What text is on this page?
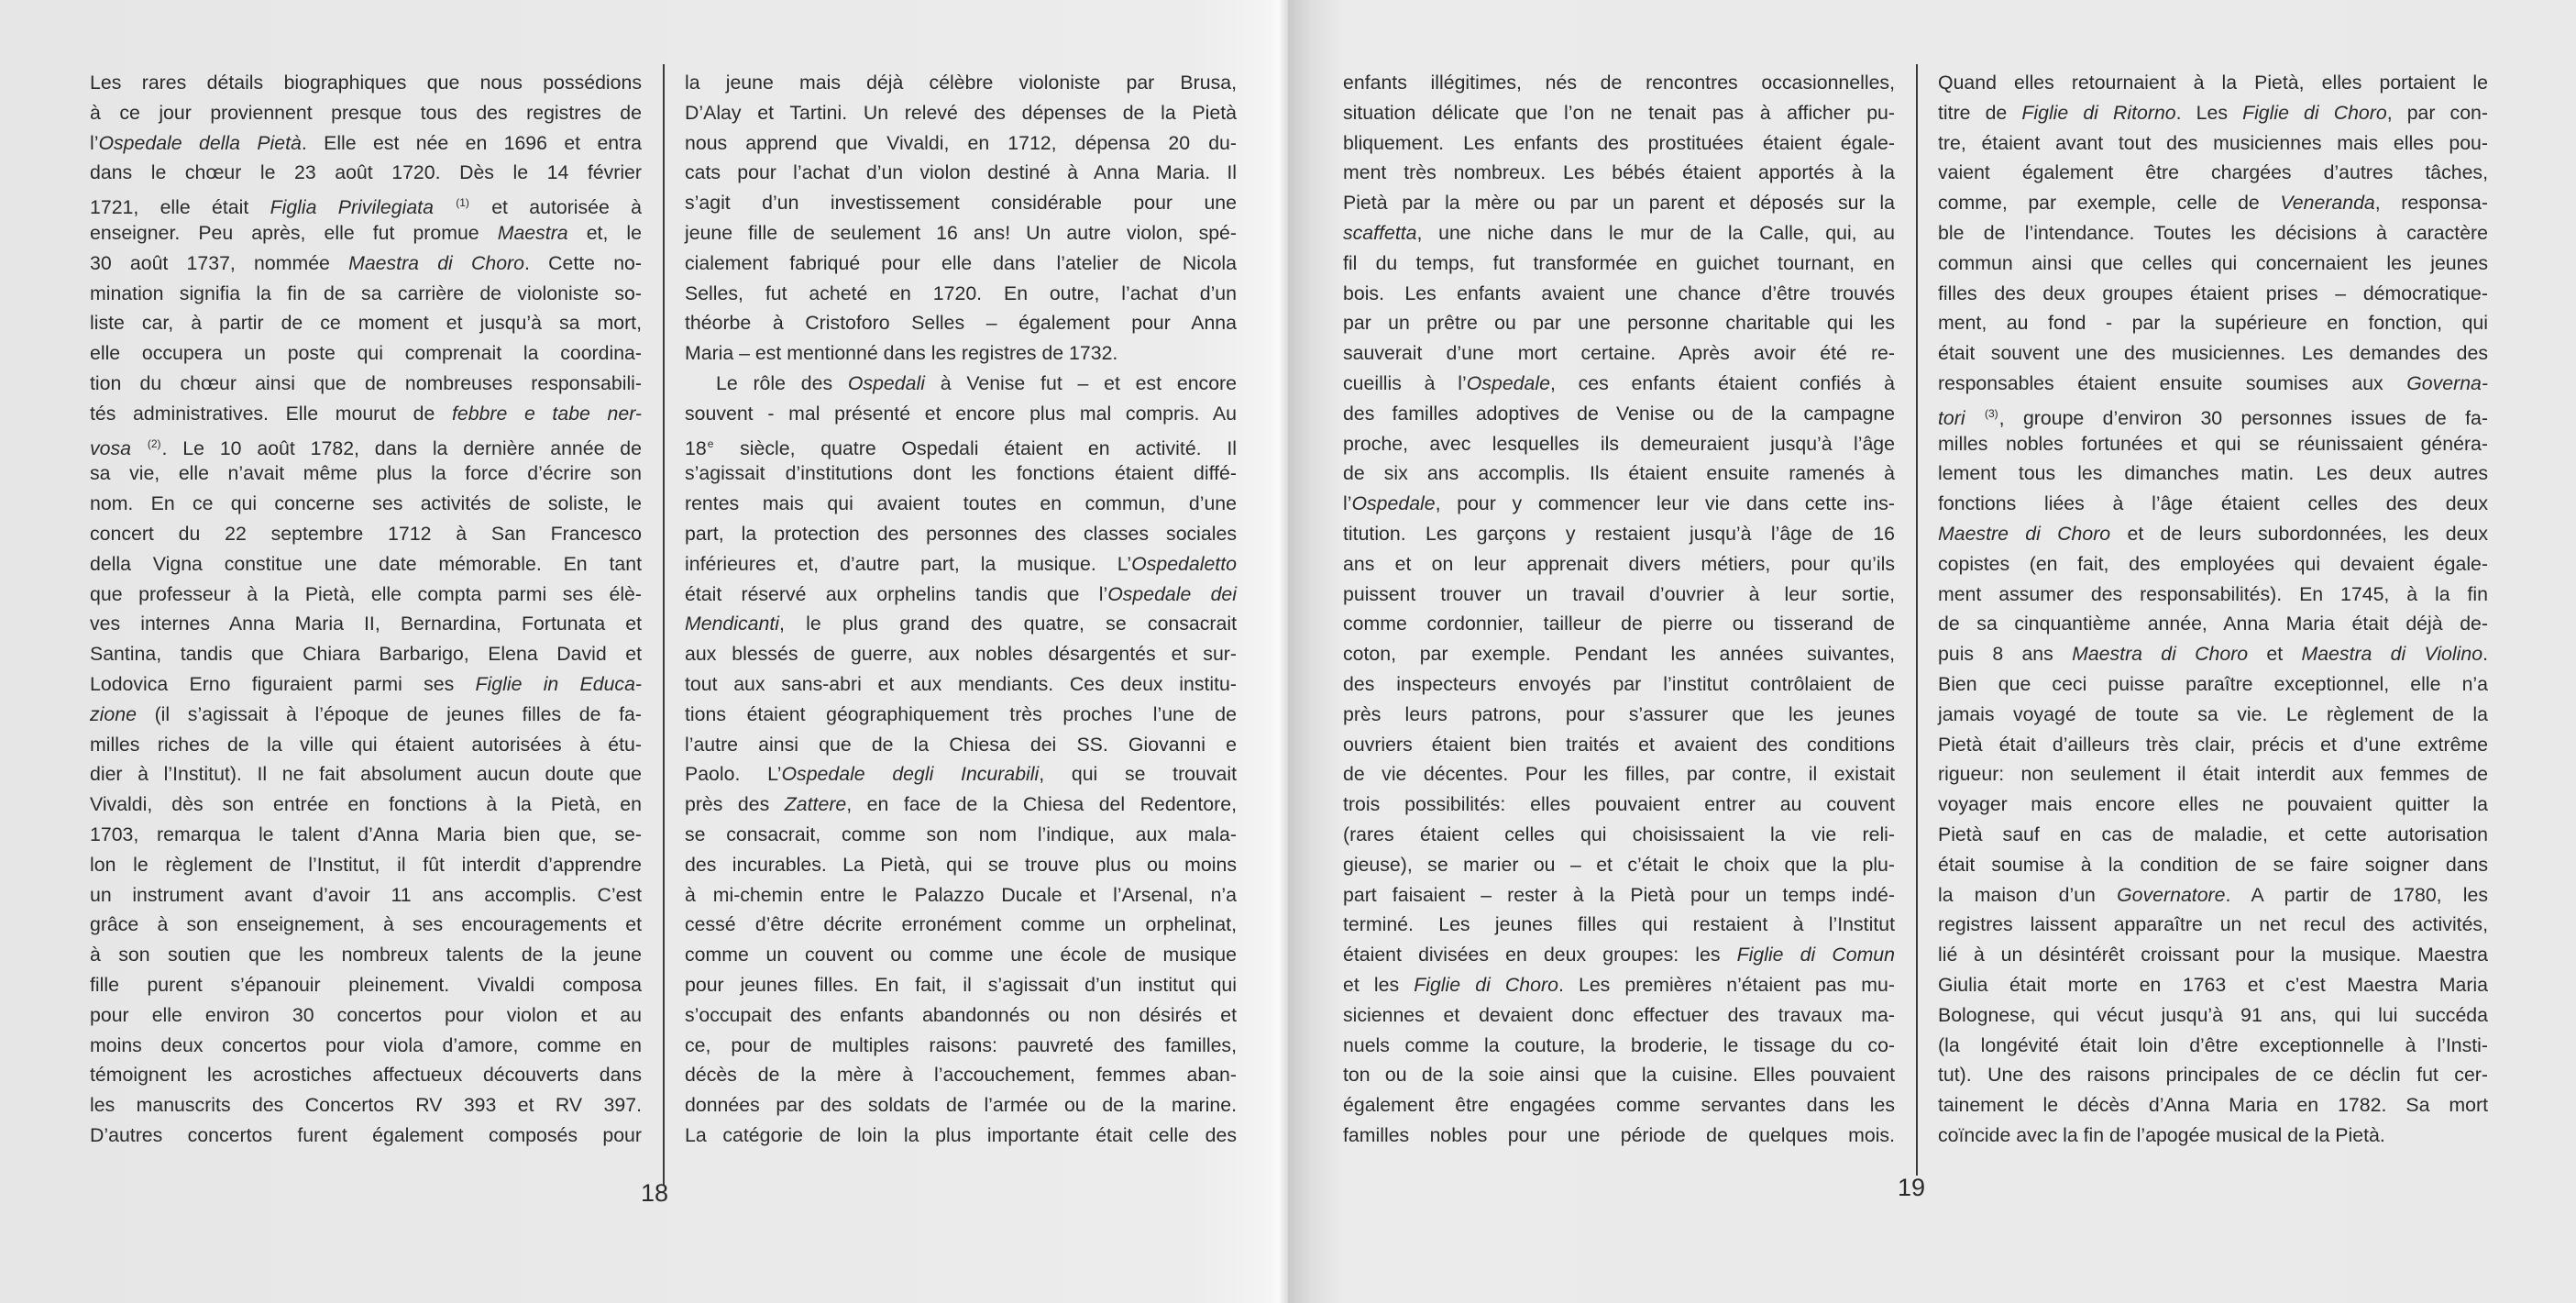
Les rares détails biographiques que nous possédions
à ce jour proviennent presque tous des registres de
l’Ospedale della Pietà. Elle est née en 1696 et entra
dans le chœur le 23 août 1720. Dès le 14 février
1721, elle était Figlia Privilegiata $^{(1)}$ et autorisée à
enseigner. Peu après, elle fut promue Maestra et, le
30 août 1737, nommée Maestra di Choro. Cette no-
mination signifia la fin de sa carrière de violoniste so-
liste car, à partir de ce moment et jusqu’à sa mort,
elle occupera un poste qui comprenait la coordina-
tion du chœur ainsi que de nombreuses responsabili-
tés administratives. Elle mourut de febbre e tabe ner-
vosa $^{(2)}$. Le 10 août 1782, dans la dernière année de
sa vie, elle n’avait même plus la force d’écrire son
nom. En ce qui concerne ses activités de soliste, le
concert du 22 septembre 1712 à San Francesco
della Vigna constitue une date mémorable. En tant
que professeur à la Pietà, elle compta parmi ses élè-
ves internes Anna Maria II, Bernardina, Fortunata et
Santina, tandis que Chiara Barbarigo, Elena David et
Lodovica Erno figuraient parmi ses Figlie in Educa-
zione (il s’agissait à l’époque de jeunes filles de fa-
milles riches de la ville qui étaient autorisées à étu-
dier à l’Institut). Il ne fait absolument aucun doute que
Vivaldi, dès son entrée en fonctions à la Pietà, en
1703, remarqua le talent d’Anna Maria bien que, se-
lon le règlement de l’Institut, il fût interdit d’apprendre
un instrument avant d’avoir 11 ans accomplis. C’est
grâce à son enseignement, à ses encouragements et
à son soutien que les nombreux talents de la jeune
fille purent s’épanouir pleinement. Vivaldi composa
pour elle environ 30 concertos pour violon et au
moins deux concertos pour viola d’amore, comme en
témoignent les acrostiches affectueux découverts dans
les manuscrits des Concertos RV 393 et RV 397.
D’autres concertos furent également composés pour
la jeune mais déjà célèbre violoniste par Brusa,
D’Alay et Tartini. Un relevé des dépenses de la Pietà
nous apprend que Vivaldi, en 1712, dépensa 20 du-
cats pour l’achat d’un violon destiné à Anna Maria. Il
s’agit d’un investissement considérable pour une
jeune fille de seulement 16 ans! Un autre violon, spé-
cialement fabriqué pour elle dans l’atelier de Nicola
Selles, fut acheté en 1720. En outre, l’achat d’un
théorbe à Cristoforo Selles – également pour Anna
Maria – est mentionné dans les registres de 1732.
Le rôle des Ospedali à Venise fut – et est encore
souvent - mal présenté et encore plus mal compris. Au
18e siècle, quatre Ospedali étaient en activité. Il
s’agissait d’institutions dont les fonctions étaient diffé-
rentes mais qui avaient toutes en commun, d’une
part, la protection des personnes des classes sociales
inférieures et, d’autre part, la musique. L’Ospedaletto
était réservé aux orphelins tandis que l’Ospedale dei
Mendicanti, le plus grand des quatre, se consacrait
aux blessés de guerre, aux nobles désargentés et sur-
tout aux sans-abri et aux mendiants. Ces deux institu-
tions étaient géographiquement très proches l’une de
l’autre ainsi que de la Chiesa dei SS. Giovanni e
Paolo. L’Ospedale degli Incurabili, qui se trouvait
près des Zattere, en face de la Chiesa del Redentore,
se consacrait, comme son nom l’indique, aux mala-
des incurables. La Pietà, qui se trouve plus ou moins
à mi-chemin entre le Palazzo Ducale et l’Arsenal, n’a
cessé d’être décrite erronément comme un orphelinat,
comme un couvent ou comme une école de musique
pour jeunes filles. En fait, il s’agissait d’un institut qui
s’occupait des enfants abandonnés ou non désirés et
ce, pour de multiples raisons: pauvreté des familles,
décès de la mère à l’accouchement, femmes aban-
données par des soldats de l’armée ou de la marine.
La catégorie de loin la plus importante était celle des
18
enfants illégitimes, nés de rencontres occasionnelles,
situation délicate que l’on ne tenait pas à afficher pu-
bliquement. Les enfants des prostituées étaient égale-
ment très nombreux. Les bébés étaient apportés à la
Pietà par la mère ou par un parent et déposés sur la
scaffetta, une niche dans le mur de la Calle, qui, au
fil du temps, fut transformée en guichet tournant, en
bois. Les enfants avaient une chance d’être trouvés
par un prêtre ou par une personne charitable qui les
sauverait d’une mort certaine. Après avoir été re-
cueillis à l’Ospedale, ces enfants étaient confiés à
des familles adoptives de Venise ou de la campagne
proche, avec lesquelles ils demeuraient jusqu’à l’âge
de six ans accomplis. Ils étaient ensuite ramenés à
l’Ospedale, pour y commencer leur vie dans cette ins-
titution. Les garçons y restaient jusqu’à l’âge de 16
ans et on leur apprenait divers métiers, pour qu’ils
puissent trouver un travail d’ouvrier à leur sortie,
comme cordonnier, tailleur de pierre ou tisserand de
coton, par exemple. Pendant les années suivantes,
des inspecteurs envoyés par l’institut contrôlaient de
près leurs patrons, pour s’assurer que les jeunes
ouvriers étaient bien traités et avaient des conditions
de vie décentes. Pour les filles, par contre, il existait
trois possibilités: elles pouvaient entrer au couvent
(rares étaient celles qui choisissaient la vie reli-
gieuse), se marier ou – et c’était le choix que la plu-
part faisaient – rester à la Pietà pour un temps indé-
terminé. Les jeunes filles qui restaient à l’Institut
étaient divisées en deux groupes: les Figlie di Comun
et les Figlie di Choro. Les premières n’étaient pas mu-
siciennes et devaient donc effectuer des travaux ma-
nuels comme la couture, la broderie, le tissage du co-
ton ou de la soie ainsi que la cuisine. Elles pouvaient
également être engagées comme servantes dans les
familles nobles pour une période de quelques mois.
Quand elles retournaient à la Pietà, elles portaient le
titre de Figlie di Ritorno. Les Figlie di Choro, par con-
tre, étaient avant tout des musiciennes mais elles pou-
vaient également être chargées d’autres tâches,
comme, par exemple, celle de Veneranda, responsa-
ble de l’intendance. Toutes les décisions à caractère
commun ainsi que celles qui concernaient les jeunes
filles des deux groupes étaient prises – démocratique-
ment, au fond - par la supérieure en fonction, qui
était souvent une des musiciennes. Les demandes des
responsables étaient ensuite soumises aux Governa-
tori $^{(3)}$, groupe d’environ 30 personnes issues de fa-
milles nobles fortunées et qui se réunissaient généra-
lement tous les dimanches matin. Les deux autres
fonctions liées à l’âge étaient celles des deux
Maestre di Choro et de leurs subordonnées, les deux
copistes (en fait, des employées qui devaient égale-
ment assumer des responsabilités). En 1745, à la fin
de sa cinquantième année, Anna Maria était déjà de-
puis 8 ans Maestra di Choro et Maestra di Violino.
Bien que ceci puisse paraître exceptionnel, elle n’a
jamais voyagé de toute sa vie. Le règlement de la
Pietà était d’ailleurs très clair, précis et d’une extrême
rigueur: non seulement il était interdit aux femmes de
voyager mais encore elles ne pouvaient quitter la
Pietà sauf en cas de maladie, et cette autorisation
était soumise à la condition de se faire soigner dans
la maison d’un Governatore. A partir de 1780, les
registres laissent apparaître un net recul des activités,
lié à un désintérêt croissant pour la musique. Maestra
Giulia était morte en 1763 et c’est Maestra Maria
Bolognese, qui vécut jusqu’à 91 ans, qui lui succéda
(la longévité était loin d’être exceptionnelle à l’Insti-
tut). Une des raisons principales de ce déclin fut cer-
tainement le décès d’Anna Maria en 1782. Sa mort
coïncide avec la fin de l’apogée musical de la Pietà.
19
